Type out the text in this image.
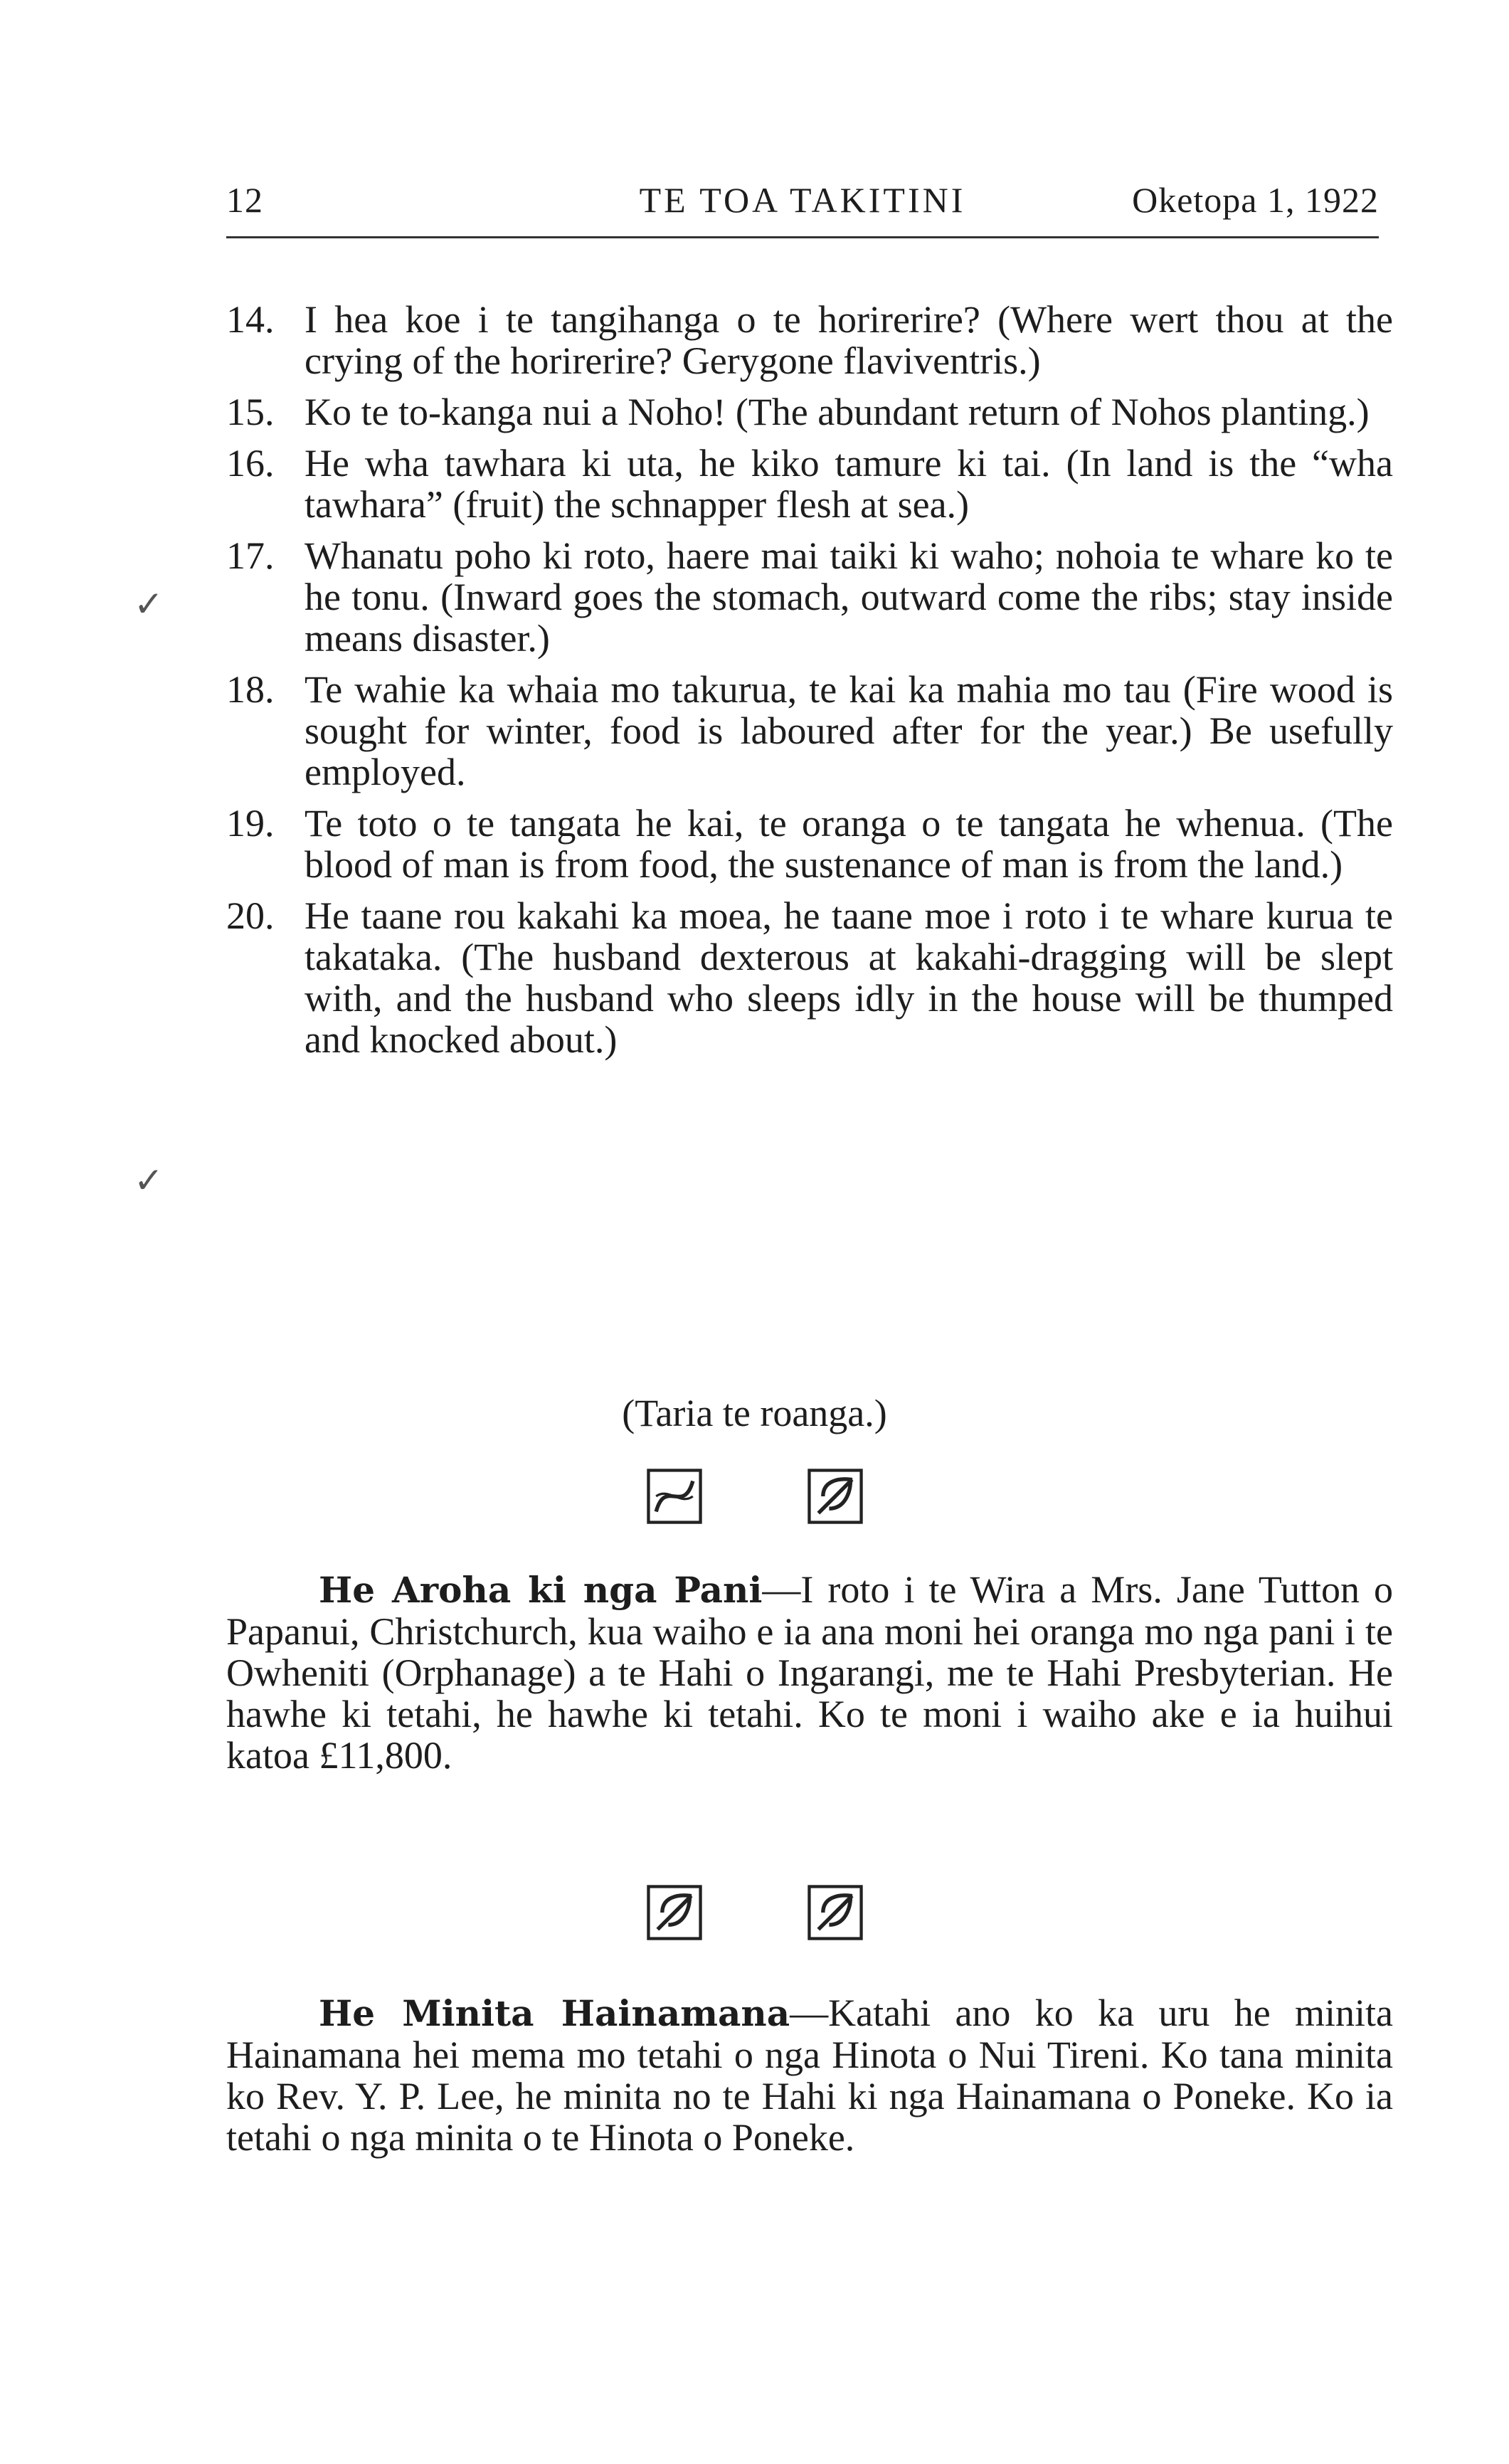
12	TE TOA TAKITINI	Oketopa 1, 1922
✓
✓
14. I hea koe i te tangihanga o te horirerire? (Where wert thou at the crying of the horirerire? Gerygone flaviventris.)
15. Ko te to-kanga nui a Noho! (The abundant return of Nohos planting.)
16. He wha tawhara ki uta, he kiko tamure ki tai. (In land is the “wha tawhara” (fruit) the schnapper flesh at sea.)
17. Whanatu poho ki roto, haere mai taiki ki waho; nohoia te whare ko te he tonu. (Inward goes the stomach, outward come the ribs; stay inside means disaster.)
18. Te wahie ka whaia mo takurua, te kai ka mahia mo tau (Fire wood is sought for winter, food is laboured after for the year.) Be usefully employed.
19. Te toto o te tangata he kai, te oranga o te tangata he whenua. (The blood of man is from food, the sustenance of man is from the land.)
20. He taane rou kakahi ka moea, he taane moe i roto i te whare kurua te takataka. (The husband dexterous at kakahi-dragging will be slept with, and the husband who sleeps idly in the house will be thumped and knocked about.)
(Taria te roanga.)
He Aroha ki nga Pani—I roto i te Wira a Mrs. Jane Tutton o Papanui, Christchurch, kua waiho e ia ana moni hei oranga mo nga pani i te Owheniti (Orphanage) a te Hahi o Ingarangi, me te Hahi Presbyterian. He hawhe ki tetahi, he hawhe ki tetahi. Ko te moni i waiho ake e ia huihui katoa £11,800.
He Minita Hainamana—Katahi ano ko ka uru he minita Hainamana hei mema mo tetahi o nga Hinota o Nui Tireni. Ko tana minita ko Rev. Y. P. Lee, he minita no te Hahi ki nga Hainamana o Poneke. Ko ia tetahi o nga minita o te Hinota o Poneke.
